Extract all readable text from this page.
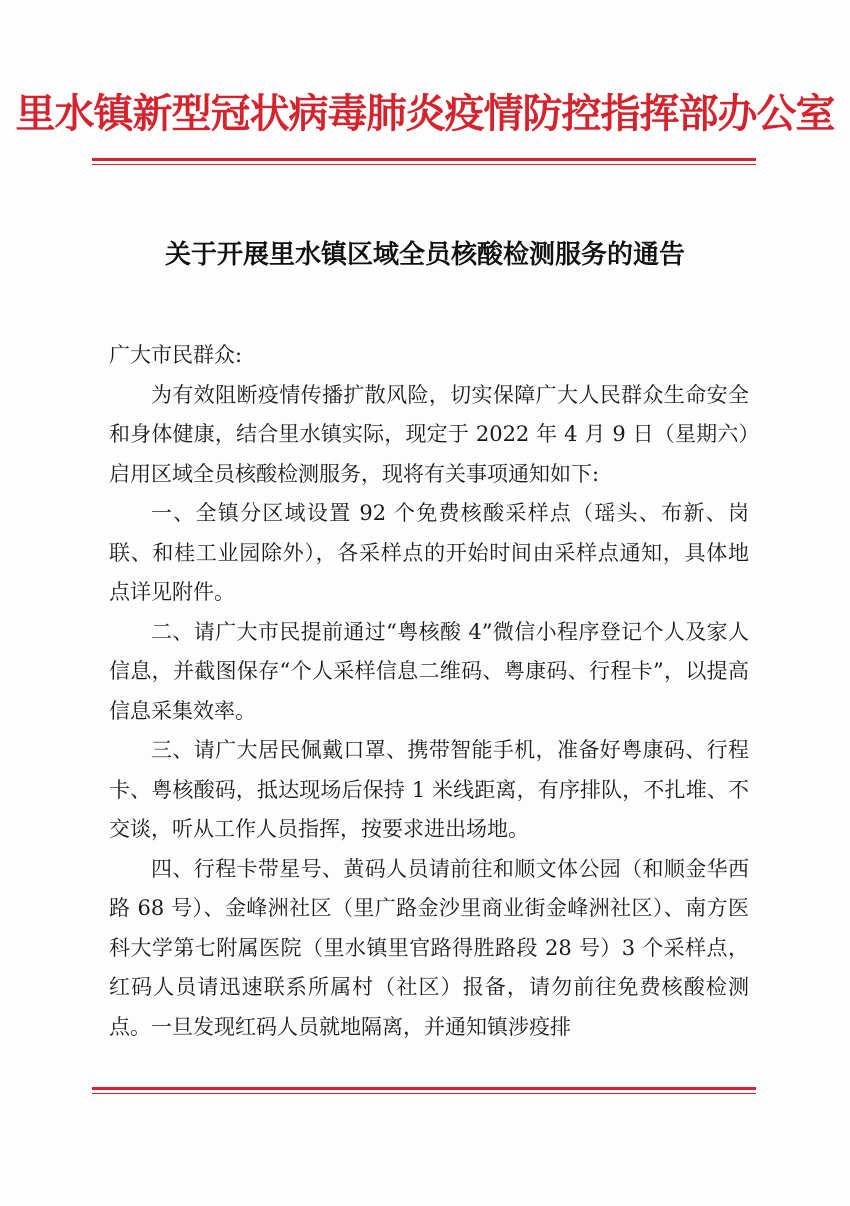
里水镇新型冠状病毒肺炎疫情防控指挥部办公室
关于开展里水镇区域全员核酸检测服务的通告

广大市民群众:

为有效阻断疫情传播扩散风险，切实保障广大人民群众生命安全和身体健康，结合里水镇实际，现定于 2022 年 4 月 9 日（星期六）启用区域全员核酸检测服务，现将有关事项通知如下:

一、全镇分区域设置 92 个免费核酸采样点（瑶头、布新、岗联、和桂工业园除外），各采样点的开始时间由采样点通知，具体地点详见附件。

二、请广大市民提前通过“粤核酸 4”微信小程序登记个人及家人信息，并截图保存“个人采样信息二维码、粤康码、行程卡”，以提高信息采集效率。

三、请广大居民佩戴口罩、携带智能手机，准备好粤康码、行程卡、粤核酸码，抵达现场后保持 1 米线距离，有序排队，不扎堆、不交谈，听从工作人员指挥，按要求进出场地。

四、行程卡带星号、黄码人员请前往和顺文体公园（和顺金华西路 68 号）、金峰洲社区（里广路金沙里商业街金峰洲社区）、南方医科大学第七附属医院（里水镇里官路得胜路段 28 号）3 个采样点，红码人员请迅速联系所属村（社区）报备，请勿前往免费核酸检测点。一旦发现红码人员就地隔离，并通知镇涉疫排
